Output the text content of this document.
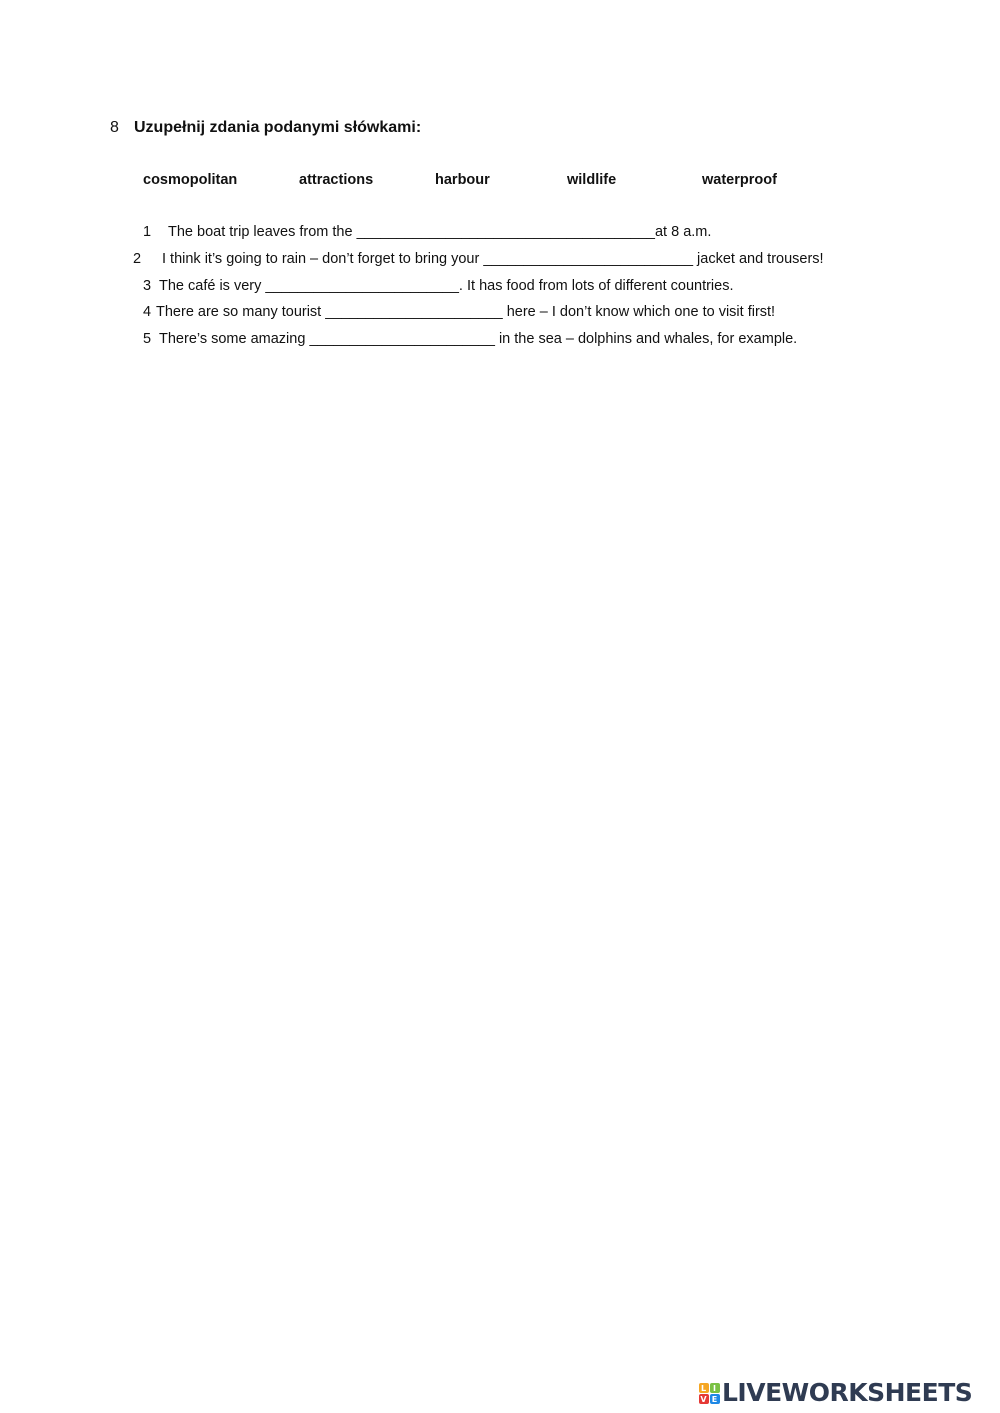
8 Uzupełnij zdania podanymi słówkami:
cosmopolitan	attractions	harbour	wildlife	waterproof
1 The boat trip leaves from the _____________________________________at 8 a.m.
2 I think it’s going to rain – don’t forget to bring your __________________________ jacket and trousers!
3 The café is very ________________________. It has food from lots of different countries.
4 There are so many tourist ______________________ here – I don’t know which one to visit first!
5 There’s some amazing _______________________ in the sea – dolphins and whales, for example.
L I
V E LIVEWORKSHEETS
